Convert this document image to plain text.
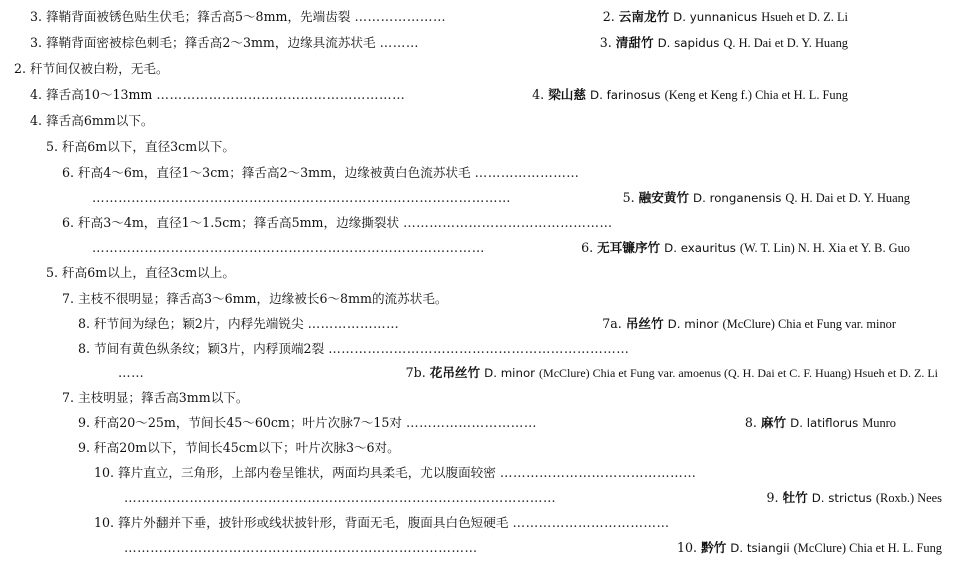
3. 箨鞘背面被锈色贴生伏毛；箨舌高5～8mm，先端齿裂 …………………	2. 云南龙竹 D. yunnanicus Hsueh et D. Z. Li
3. 箨鞘背面密被棕色刺毛；箨舌高2～3mm，边缘具流苏状毛 ………	3. 清甜竹 D. sapidus Q. H. Dai et D. Y. Huang
2. 秆节间仅被白粉，无毛。
4. 箨舌高10～13mm …………………………………………………	4. 梁山慈 D. farinosus (Keng et Keng f.) Chia et H. L. Fung
4. 箨舌高6mm以下。
5. 秆高6m以下，直径3cm以下。
6. 秆高4～6m，直径1～3cm；箨舌高2～3mm，边缘被黄白色流苏状毛 ……………………
……………………………………………………………………………………	5. 融安黄竹 D. ronganensis Q. H. Dai et D. Y. Huang
6. 秆高3～4m，直径1～1.5cm；箨舌高5mm，边缘撕裂状 …………………………………………
………………………………………………………………………………	6. 无耳镰序竹 D. exauritus (W. T. Lin) N. H. Xia et Y. B. Guo
5. 秆高6m以上，直径3cm以上。
7. 主枝不很明显；箨舌高3～6mm，边缘被长6～8mm的流苏状毛。
8. 秆节间为绿色；颖2片，内稃先端锐尖 …………………	7a. 吊丝竹 D. minor (McClure) Chia et Fung var. minor
8. 节间有黄色纵条纹；颖3片，内稃顶端2裂 ……………………………………………………………
……	7b. 花吊丝竹 D. minor (McClure) Chia et Fung var. amoenus (Q. H. Dai et C. F. Huang) Hsueh et D. Z. Li
7. 主枝明显；箨舌高3mm以下。
9. 秆高20～25m，节间长45～60cm；叶片次脉7～15对 …………………………	8. 麻竹 D. latiflorus Munro
9. 秆高20m以下，节间长45cm以下；叶片次脉3～6对。
10. 箨片直立，三角形，上部内卷呈锥状，两面均具柔毛，尤以腹面较密 ………………………………………
………………………………………………………………………………………	9. 牡竹 D. strictus (Roxb.) Nees
10. 箨片外翻并下垂，披针形或线状披针形，背面无毛，腹面具白色短硬毛 ………………………………
………………………………………………………………………	10. 黔竹 D. tsiangii (McClure) Chia et H. L. Fung
